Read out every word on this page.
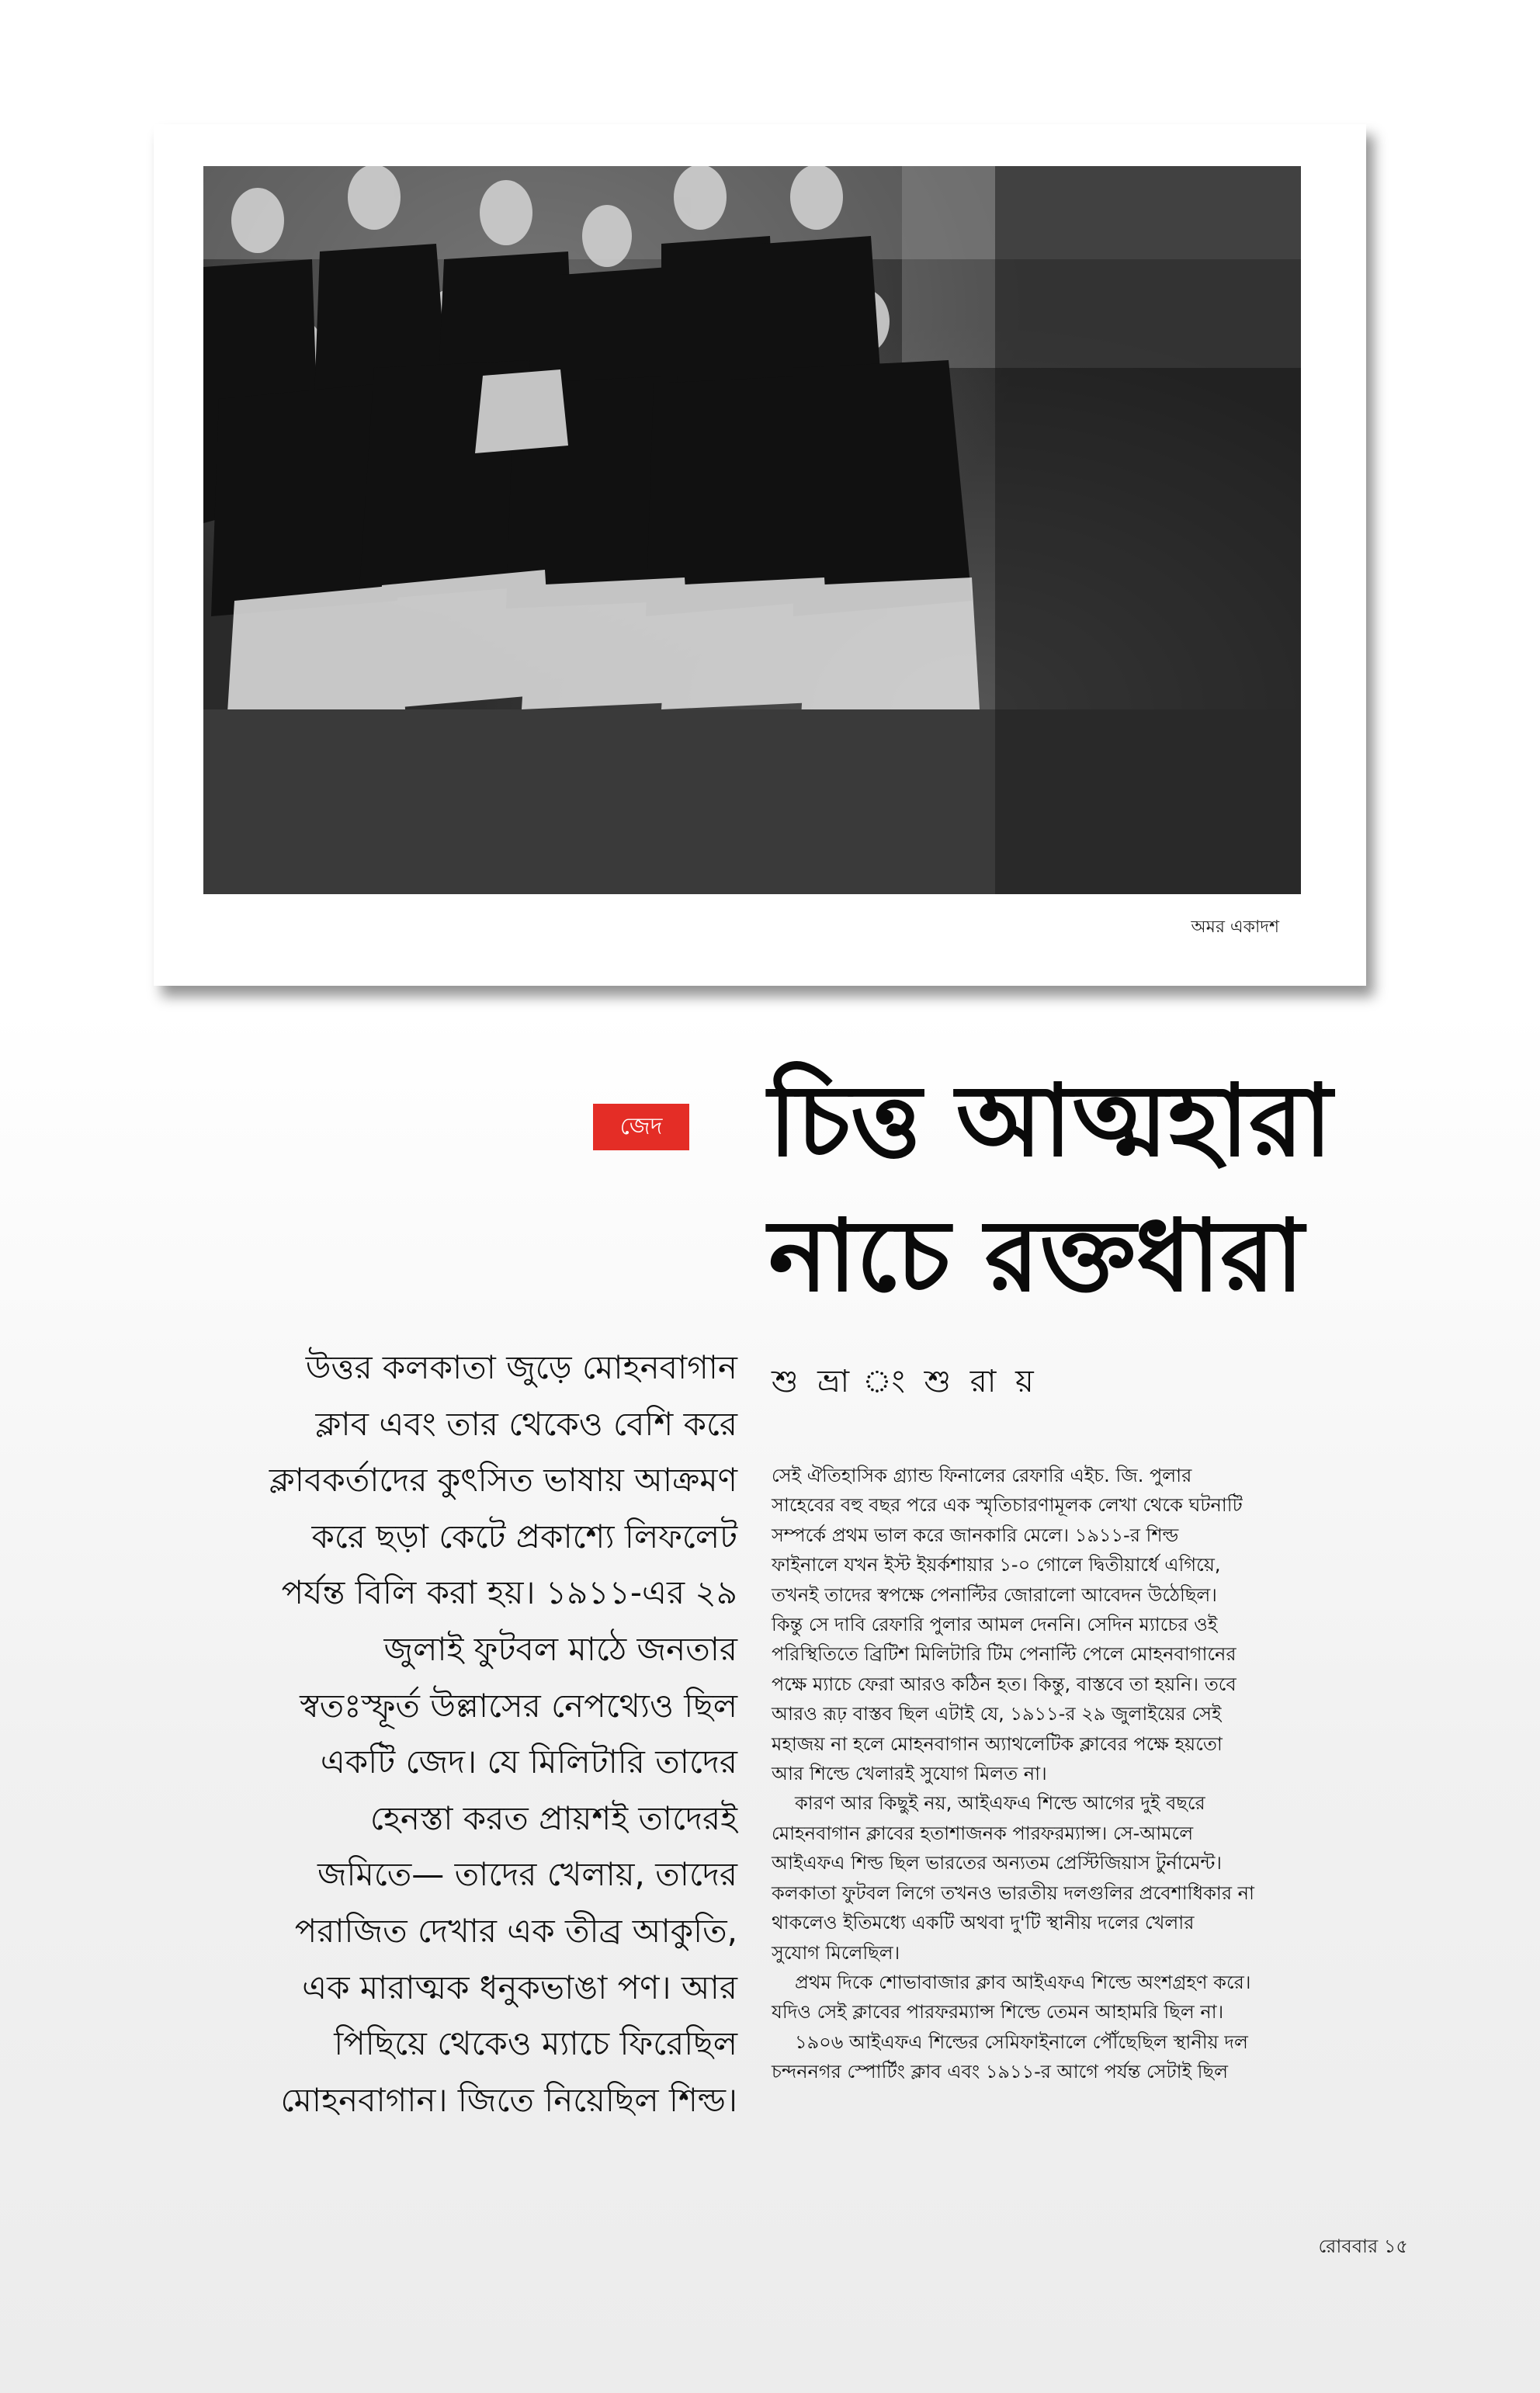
অমর একাদশ
জেদ চিত্ত আত্মহারা
নাচে রক্তধারা
শু ভ্রা ং শু রা য়
উত্তর কলকাতা জুড়ে মোহনবাগান
ক্লাব এবং তার থেকেও বেশি করে
ক্লাবকর্তাদের কুৎসিত ভাষায় আক্রমণ
করে ছড়া কেটে প্রকাশ্যে লিফলেট
পর্যন্ত বিলি করা হয়। ১৯১১-এর ২৯
জুলাই ফুটবল মাঠে জনতার
স্বতঃস্ফূর্ত উল্লাসের নেপথ্যেও ছিল
একটি জেদ। যে মিলিটারি তাদের
হেনস্তা করত প্রায়শই তাদেরই
জমিতে— তাদের খেলায়, তাদের
পরাজিত দেখার এক তীব্র আকুতি,
এক মারাত্মক ধনুকভাঙা পণ। আর
পিছিয়ে থেকেও ম্যাচে ফিরেছিল
মোহনবাগান। জিতে নিয়েছিল শিল্ড।
সেই ঐতিহাসিক গ্র্যান্ড ফিনালের রেফারি এইচ. জি. পুলার
সাহেবের বহু বছর পরে এক স্মৃতিচারণামূলক লেখা থেকে ঘটনাটি
সম্পর্কে প্রথম ভাল করে জানকারি মেলে। ১৯১১-র শিল্ড
ফাইনালে যখন ইস্ট ইয়র্কশায়ার ১-০ গোলে দ্বিতীয়ার্ধে এগিয়ে,
তখনই তাদের স্বপক্ষে পেনাল্টির জোরালো আবেদন উঠেছিল।
কিন্তু সে দাবি রেফারি পুলার আমল দেননি। সেদিন ম্যাচের ওই
পরিস্থিতিতে ব্রিটিশ মিলিটারি টিম পেনাল্টি পেলে মোহনবাগানের
পক্ষে ম্যাচে ফেরা আরও কঠিন হত। কিন্তু, বাস্তবে তা হয়নি। তবে
আরও রূঢ় বাস্তব ছিল এটাই যে, ১৯১১-র ২৯ জুলাইয়ের সেই
মহাজয় না হলে মোহনবাগান অ্যাথলেটিক ক্লাবের পক্ষে হয়তো
আর শিল্ডে খেলারই সুযোগ মিলত না।
কারণ আর কিছুই নয়, আইএফএ শিল্ডে আগের দুই বছরে
মোহনবাগান ক্লাবের হতাশাজনক পারফরম্যান্স। সে-আমলে
আইএফএ শিল্ড ছিল ভারতের অন্যতম প্রেস্টিজিয়াস টুর্নামেন্ট।
কলকাতা ফুটবল লিগে তখনও ভারতীয় দলগুলির প্রবেশাধিকার না
থাকলেও ইতিমধ্যে একটি অথবা দু'টি স্থানীয় দলের খেলার
সুযোগ মিলেছিল।
প্রথম দিকে শোভাবাজার ক্লাব আইএফএ শিল্ডে অংশগ্রহণ করে।
যদিও সেই ক্লাবের পারফরম্যান্স শিল্ডে তেমন আহামরি ছিল না।
১৯০৬ আইএফএ শিল্ডের সেমিফাইনালে পৌঁছেছিল স্থানীয় দল
চন্দননগর স্পোর্টিং ক্লাব এবং ১৯১১-র আগে পর্যন্ত সেটাই ছিল
রোববার ১৫
